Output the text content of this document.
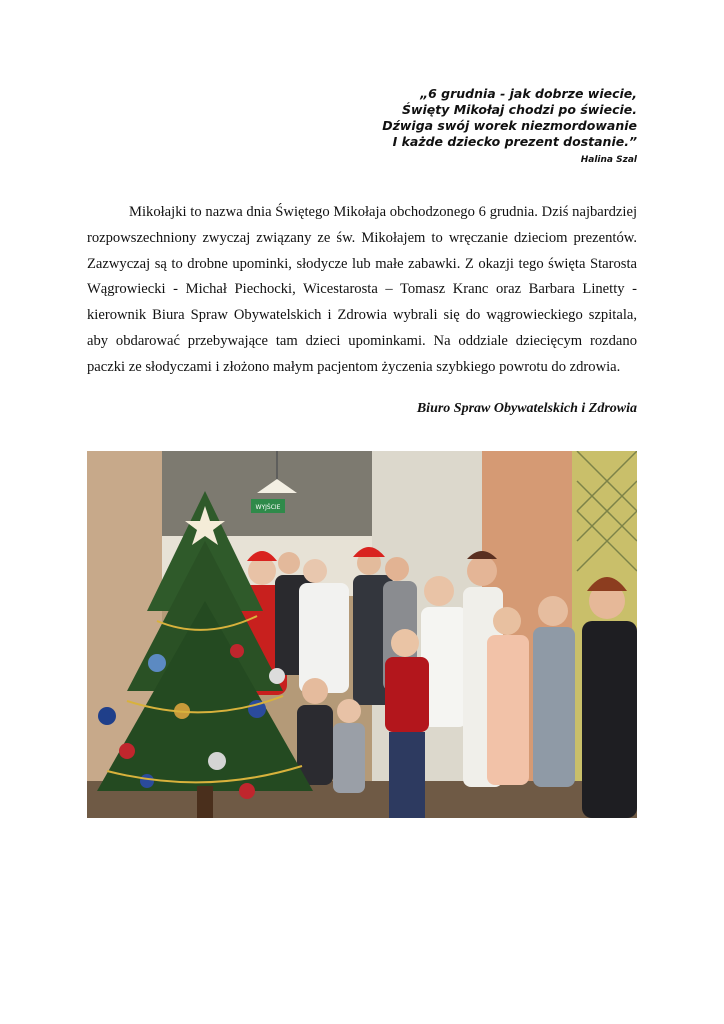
„6 grudnia - jak dobrze wiecie,
Święty Mikołaj chodzi po świecie.
Dźwiga swój worek niezmordowanie
I każde dziecko prezent dostanie.”
Halina Szal

Mikołajki to nazwa dnia Świętego Mikołaja obchodzonego 6 grudnia. Dziś najbardziej rozpowszechniony zwyczaj związany ze św. Mikołajem to wręczanie dzieciom prezentów. Zazwyczaj są to drobne upominki, słodycze lub małe zabawki. Z okazji tego święta Starosta Wągrowiecki - Michał Piechocki, Wicestarosta – Tomasz Kranc oraz Barbara Linetty - kierownik Biura Spraw Obywatelskich i Zdrowia wybrali się do wągrowieckiego szpitala, aby obdarować przebywające tam dzieci upominkami. Na oddziale dziecięcym rozdano paczki ze słodyczami i złożono małym pacjentom życzenia szybkiego powrotu do zdrowia.

Biuro Spraw Obywatelskich i Zdrowia
WYJŚCIE
